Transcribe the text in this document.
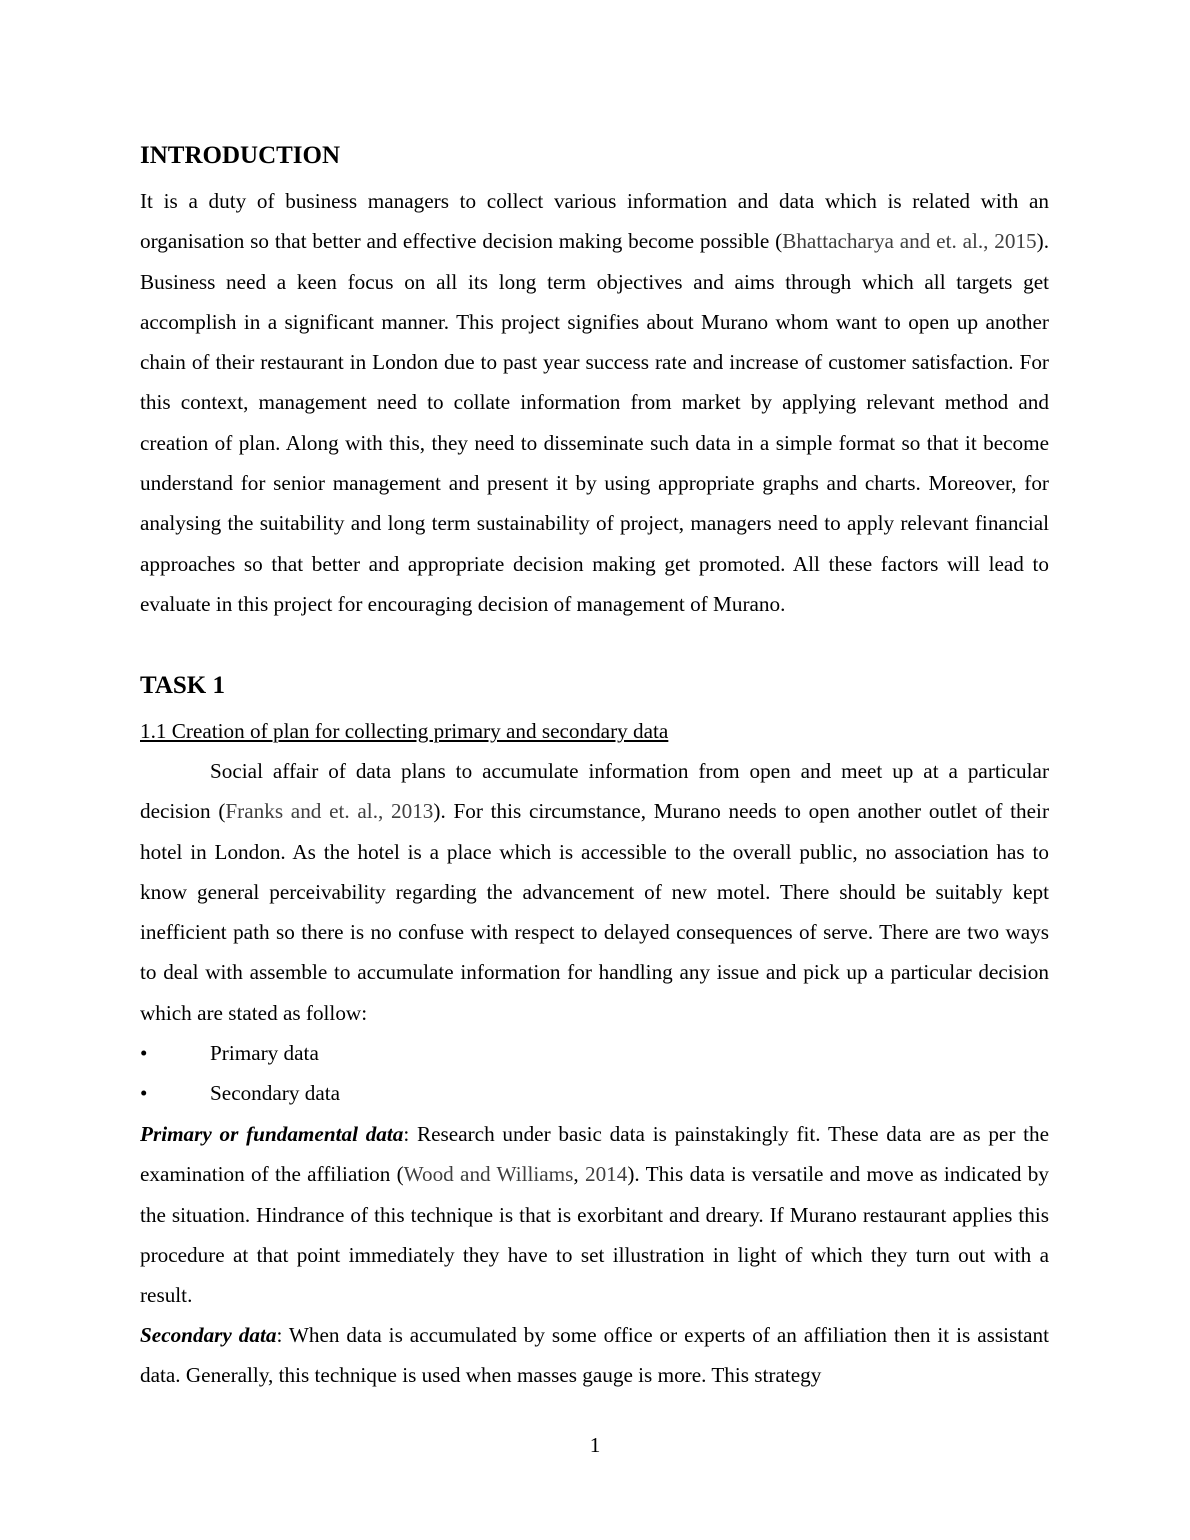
INTRODUCTION

It is a duty of business managers to collect various information and data which is related with an organisation so that better and effective decision making become possible (Bhattacharya and et. al., 2015). Business need a keen focus on all its long term objectives and aims through which all targets get accomplish in a significant manner. This project signifies about Murano whom want to open up another chain of their restaurant in London due to past year success rate and increase of customer satisfaction. For this context, management need to collate information from market by applying relevant method and creation of plan. Along with this, they need to disseminate such data in a simple format so that it become understand for senior management and present it by using appropriate graphs and charts. Moreover, for analysing the suitability and long term sustainability of project, managers need to apply relevant financial approaches so that better and appropriate decision making get promoted. All these factors will lead to evaluate in this project for encouraging decision of management of Murano.

TASK 1
1.1 Creation of plan for collecting primary and secondary data

Social affair of data plans to accumulate information from open and meet up at a particular decision (Franks and et. al., 2013). For this circumstance, Murano needs to open another outlet of their hotel in London. As the hotel is a place which is accessible to the overall public, no association has to know general perceivability regarding the advancement of new motel. There should be suitably kept inefficient path so there is no confuse with respect to delayed consequences of serve. There are two ways to deal with assemble to accumulate information for handling any issue and pick up a particular decision which are stated as follow:

•	Primary data
•	Secondary data

Primary or fundamental data: Research under basic data is painstakingly fit. These data are as per the examination of the affiliation (Wood and Williams, 2014). This data is versatile and move as indicated by the situation. Hindrance of this technique is that is exorbitant and dreary. If Murano restaurant applies this procedure at that point immediately they have to set illustration in light of which they turn out with a result.

Secondary data: When data is accumulated by some office or experts of an affiliation then it is assistant data. Generally, this technique is used when masses gauge is more. This strategy

1
